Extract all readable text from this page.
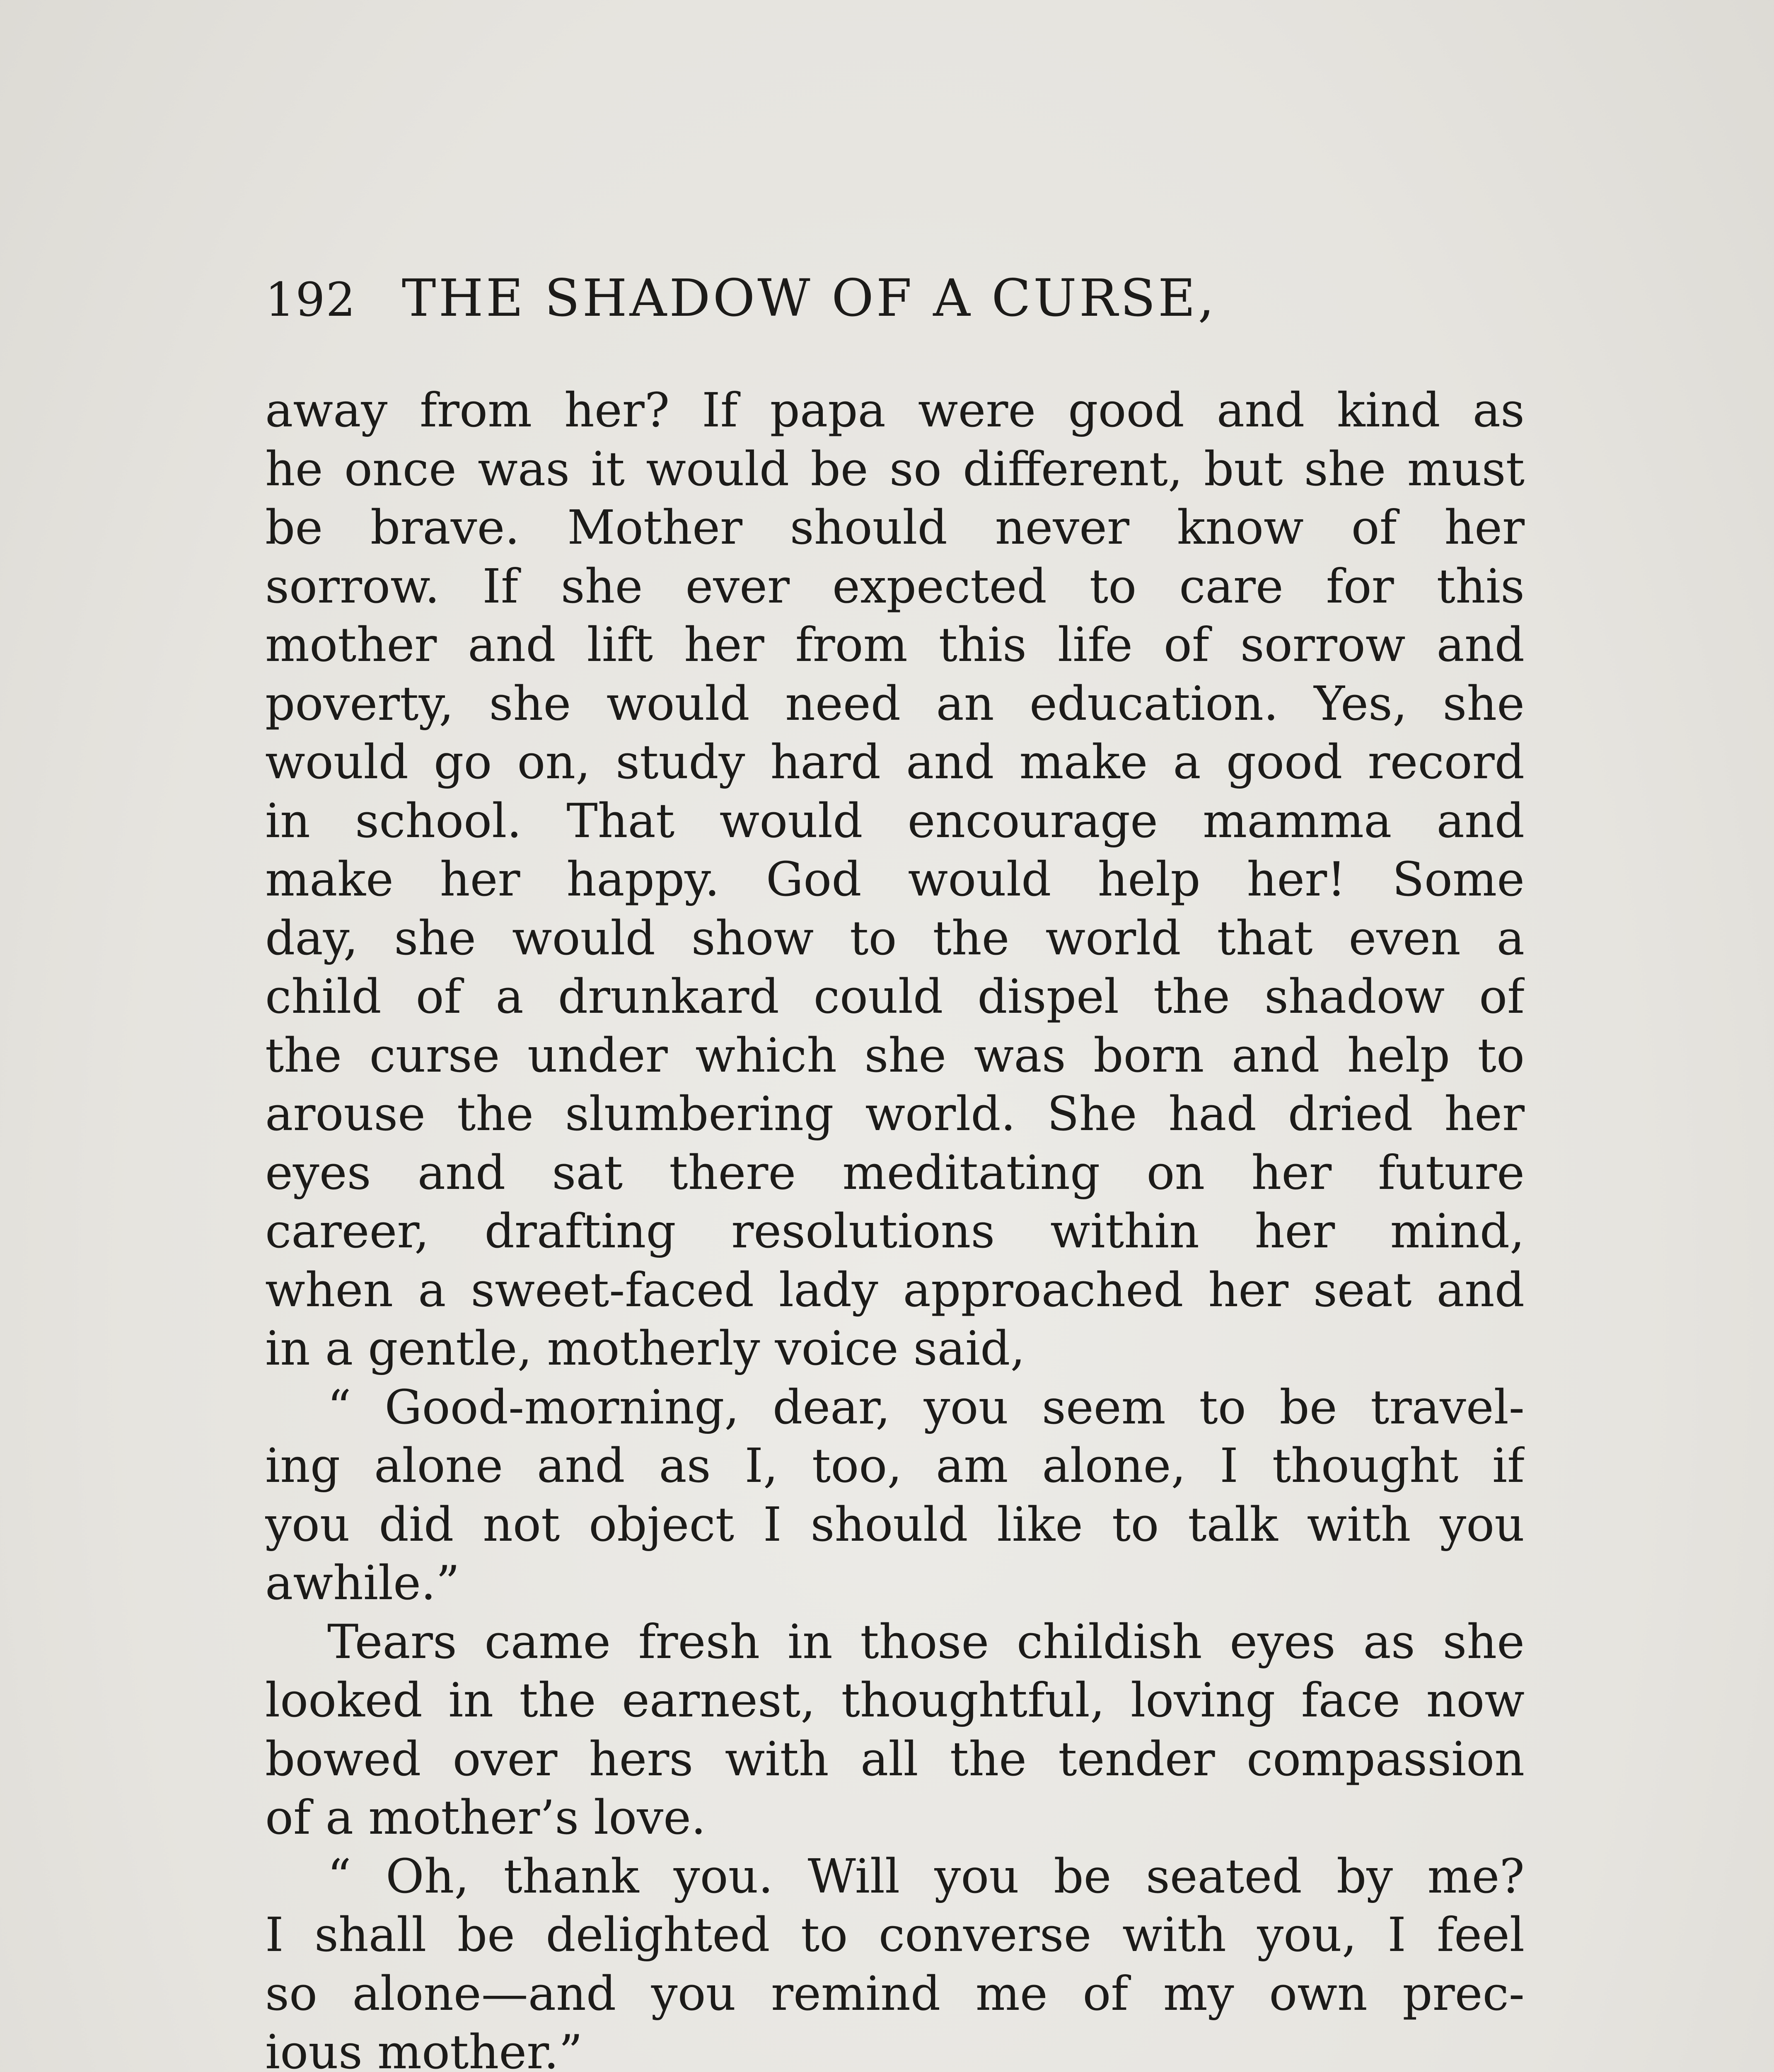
192 THE SHADOW OF A CURSE,
away from her? If papa were good and kind as
he once was it would be so different, but she must
be brave. Mother should never know of her
sorrow. If she ever expected to care for this
mother and lift her from this life of sorrow and
poverty, she would need an education. Yes, she
would go on, study hard and make a good record
in school. That would encourage mamma and
make her happy. God would help her! Some
day, she would show to the world that even a
child of a drunkard could dispel the shadow of
the curse under which she was born and help to
arouse the slumbering world. She had dried her
eyes and sat there meditating on her future
career, drafting resolutions within her mind,
when a sweet-faced lady approached her seat and
in a gentle, motherly voice said,
“ Good-morning, dear, you seem to be travel-
ing alone and as I, too, am alone, I thought if
you did not object I should like to talk with you
awhile.”
Tears came fresh in those childish eyes as she
looked in the earnest, thoughtful, loving face now
bowed over hers with all the tender compassion
of a mother’s love.
“ Oh, thank you. Will you be seated by me?
I shall be delighted to converse with you, I feel
so alone—and you remind me of my own prec-
ious mother.”
